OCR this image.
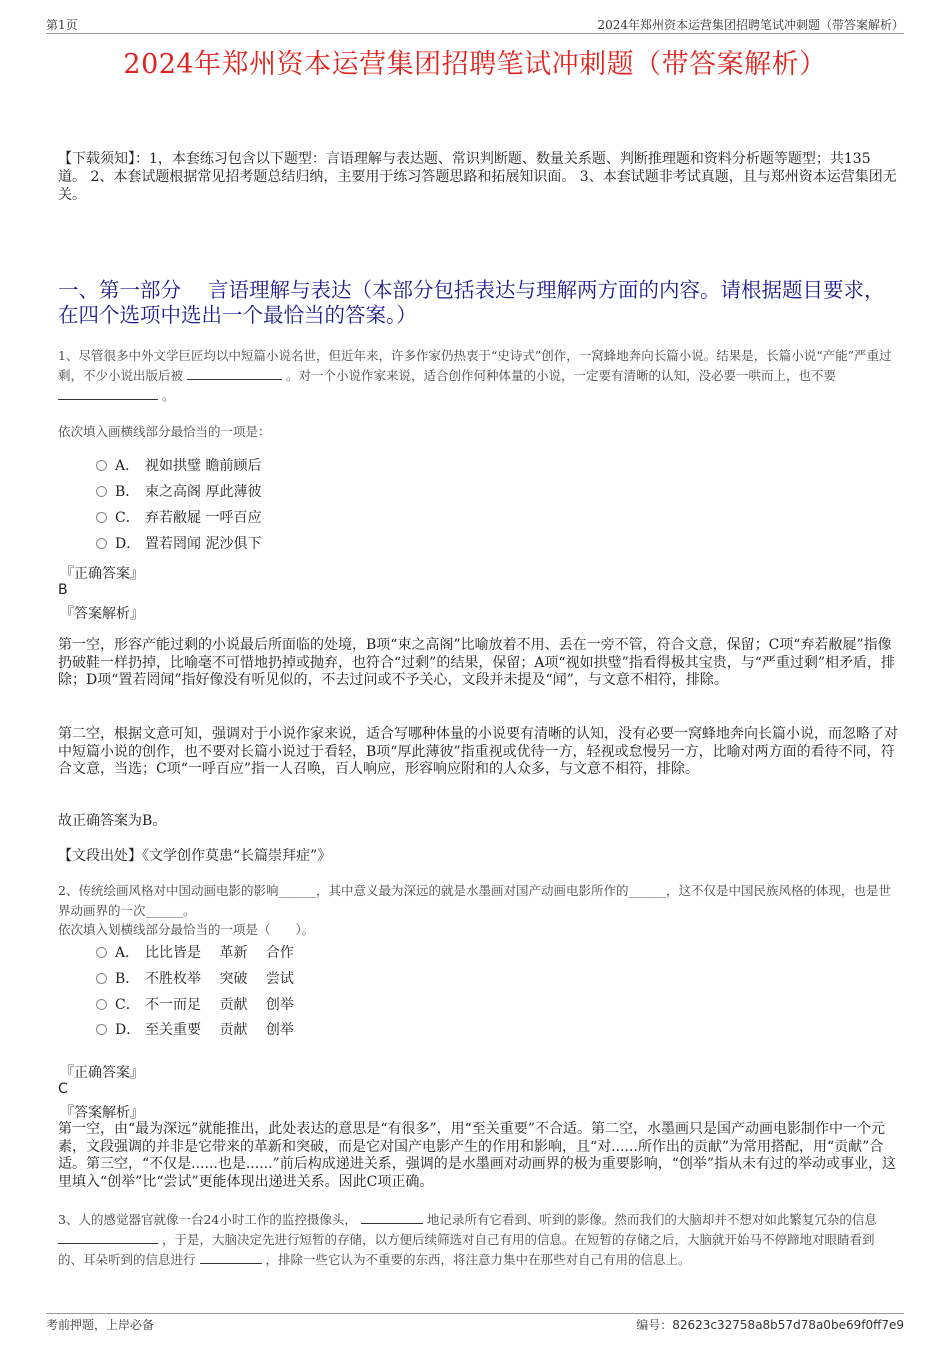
第1页	2024年郑州资本运营集团招聘笔试冲刺题（带答案解析）
2024年郑州资本运营集团招聘笔试冲刺题（带答案解析）
【下载须知】：1，本套练习包含以下题型：言语理解与表达题、常识判断题、数量关系题、判断推理题和资料分析题等题型；共135道。 2、本套试题根据常见招考题总结归纳，主要用于练习答题思路和拓展知识面。 3、本套试题非考试真题，且与郑州资本运营集团无关。
一、第一部分　 言语理解与表达（本部分包括表达与理解两方面的内容。请根据题目要求，在四个选项中选出一个最恰当的答案。）
1、尽管很多中外文学巨匠均以中短篇小说名世，但近年来，许多作家仍热衷于“史诗式”创作，一窝蜂地奔向长篇小说。结果是，长篇小说“产能”严重过剩，不少小说出版后被	。对一个小说作家来说，适合创作何种体量的小说，一定要有清晰的认知，没必要一哄而上，也不要  。
依次填入画横线部分最恰当的一项是：
A． 视如拱璧 瞻前顾后
B． 束之高阁 厚此薄彼
C． 弃若敝屣 一呼百应
D． 置若罔闻 泥沙俱下
『正确答案』
B
『答案解析』
第一空，形容产能过剩的小说最后所面临的处境，B项“束之高阁”比喻放着不用、丢在一旁不管，符合文意，保留；C项“弃若敝屣”指像扔破鞋一样扔掉，比喻毫不可惜地扔掉或抛弃，也符合“过剩”的结果，保留；A项“视如拱璧”指看得极其宝贵，与“严重过剩”相矛盾，排除；D项“置若罔闻”指好像没有听见似的，不去过问或不予关心，文段并未提及“闻”，与文意不相符，排除。
第二空，根据文意可知，强调对于小说作家来说，适合写哪种体量的小说要有清晰的认知，没有必要一窝蜂地奔向长篇小说，而忽略了对中短篇小说的创作，也不要对长篇小说过于看轻，B项“厚此薄彼”指重视或优待一方，轻视或怠慢另一方，比喻对两方面的看待不同，符合文意，当选；C项“一呼百应”指一人召唤，百人响应，形容响应附和的人众多，与文意不相符，排除。
故正确答案为B。
【文段出处】《文学创作莫患“长篇崇拜症”》
2、传统绘画风格对中国动画电影的影响______，其中意义最为深远的就是水墨画对国产动画电影所作的______，这不仅是中国民族风格的体现，也是世界动画界的一次______。
依次填入划横线部分最恰当的一项是（　　）。
A． 比比皆是　 革新　 合作
B． 不胜枚举　 突破　 尝试
C． 不一而足　 贡献　 创举
D． 至关重要　 贡献　 创举
『正确答案』
C
『答案解析』
第一空，由“最为深远”就能推出，此处表达的意思是“有很多”，用“至关重要”不合适。第二空，水墨画只是国产动画电影制作中一个元素，文段强调的并非是它带来的革新和突破，而是它对国产电影产生的作用和影响，且“对......所作出的贡献”为常用搭配，用“贡献”合适。第三空，“不仅是......也是......”前后构成递进关系，强调的是水墨画对动画界的极为重要影响，“创举”指从未有过的举动或事业，这里填入“创举”比“尝试”更能体现出递进关系。因此C项正确。
3、人的感觉器官就像一台24小时工作的监控摄像头，	地记录所有它看到、听到的影像。然而我们的大脑却并不想对如此繁复冗杂的信息  ，于是，大脑决定先进行短暂的存储，以方便后续筛选对自己有用的信息。在短暂的存储之后，大脑就开始马不停蹄地对眼睛看到的、耳朵听到的信息进行	，排除一些它认为不重要的东西，将注意力集中在那些对自己有用的信息上。
考前押题，上岸必备	编号：82623c32758a8b57d78a0be69f0ff7e9
